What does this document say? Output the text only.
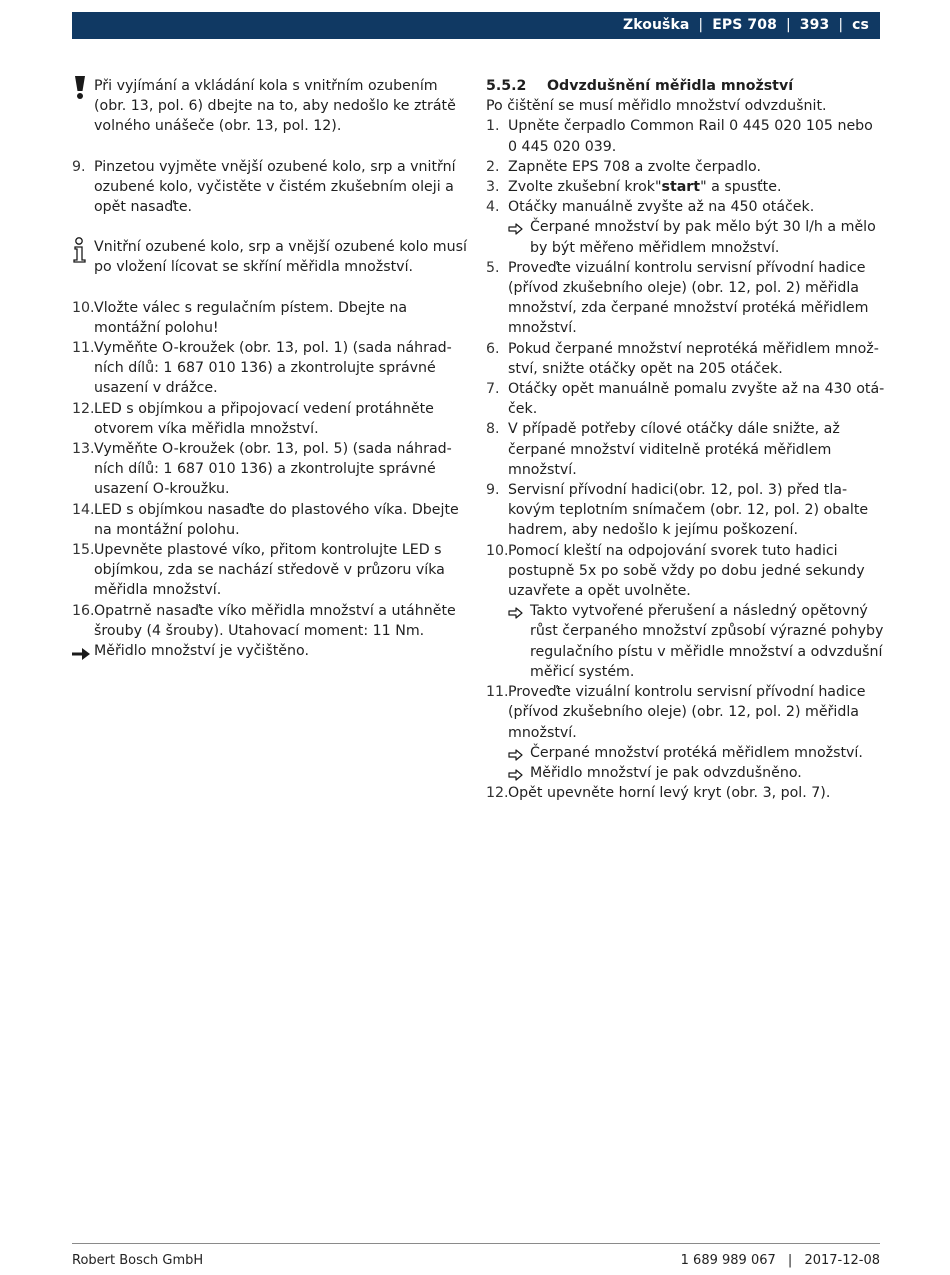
Zkouška | EPS 708 | 393 | cs
Při vyjímání a vkládání kola s vnitřním ozubením (obr. 13, pol. 6) dbejte na to, aby nedošlo ke ztrátě volného unášeče (obr. 13, pol. 12).
9. Pinzetou vyjměte vnější ozubené kolo, srp a vnitřní ozubené kolo, vyčistěte v čistém zkušebním oleji a opět nasaďte.
Vnitřní ozubené kolo, srp a vnější ozubené kolo musí po vložení lícovat se skříní měřidla množství.
10. Vložte válec s regulačním pístem. Dbejte na montážní polohu!
11. Vyměňte O-kroužek (obr. 13, pol. 1) (sada náhradních dílů: 1 687 010 136) a zkontrolujte správné usazení v drážce.
12. LED s objímkou a připojovací vedení protáhněte otvorem víka měřidla množství.
13. Vyměňte O-kroužek (obr. 13, pol. 5) (sada náhradních dílů: 1 687 010 136) a zkontrolujte správné usazení O-kroužku.
14. LED s objímkou nasaďte do plastového víka. Dbejte na montážní polohu.
15. Upevněte plastové víko, přitom kontrolujte LED s objímkou, zda se nachází středově v průzoru víka měřidla množství.
16. Opatrně nasaďte víko měřidla množství a utáhněte šrouby (4 šrouby). Utahovací moment: 11 Nm.
Měřidlo množství je vyčištěno.
5.5.2 Odvzdušnění měřidla množství
Po čištění se musí měřidlo množství odvzdušnit.
1. Upněte čerpadlo Common Rail 0 445 020 105 nebo 0 445 020 039.
2. Zapněte EPS 708 a zvolte čerpadlo.
3. Zvolte zkušební krok"start" a spusťte.
4. Otáčky manuálně zvyšte až na 450 otáček.
Čerpané množství by pak mělo být 30 l/h a mělo by být měřeno měřidlem množství.
5. Proveďte vizuální kontrolu servisní přívodní hadice (přívod zkušebního oleje) (obr. 12, pol. 2) měřidla množství, zda čerpané množství protéká měřidlem množství.
6. Pokud čerpané množství neprotéká měřidlem množství, snižte otáčky opět na 205 otáček.
7. Otáčky opět manuálně pomalu zvyšte až na 430 otáček.
8. V případě potřeby cílové otáčky dále snižte, až čerpané množství viditelně protéká měřidlem množství.
9. Servisní přívodní hadici(obr. 12, pol. 3) před tlakovým teplotním snímačem (obr. 12, pol. 2) obalte hadrem, aby nedošlo k jejímu poškození.
10. Pomocí kleští na odpojování svorek tuto hadici postupně 5x po sobě vždy po dobu jedné sekundy uzavřete a opět uvolněte.
Takto vytvořené přerušení a následný opětovný růst čerpaného množství způsobí výrazné pohyby regulačního pístu v měřidle množství a odvzdušní měřicí systém.
11. Proveďte vizuální kontrolu servisní přívodní hadice (přívod zkušebního oleje) (obr. 12, pol. 2) měřidla množství.
Čerpané množství protéká měřidlem množství.
Měřidlo množství je pak odvzdušněno.
12. Opět upevněte horní levý kryt (obr. 3, pol. 7).
Robert Bosch GmbH	1 689 989 067 | 2017-12-08
